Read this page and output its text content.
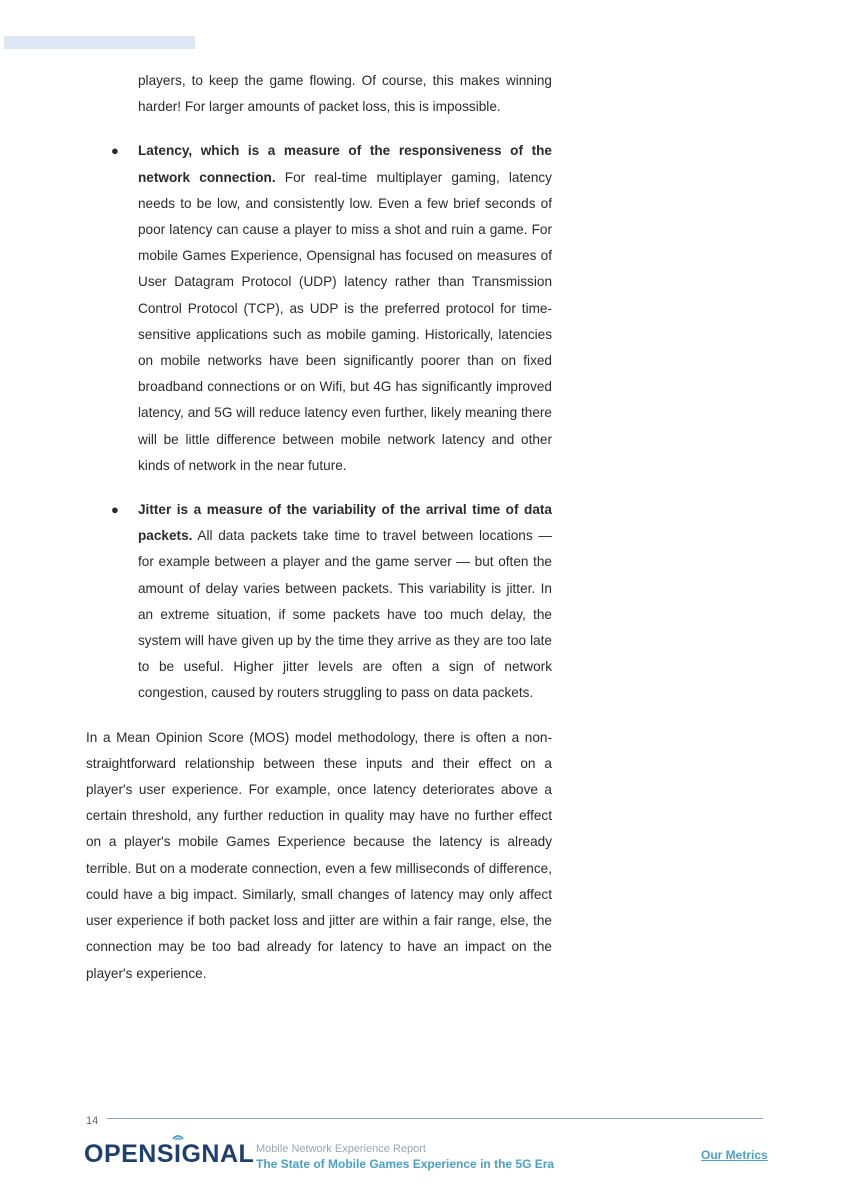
players, to keep the game flowing. Of course, this makes winning harder! For larger amounts of packet loss, this is impossible.

● Latency, which is a measure of the responsiveness of the network connection. For real-time multiplayer gaming, latency needs to be low, and consistently low. Even a few brief seconds of poor latency can cause a player to miss a shot and ruin a game. For mobile Games Experience, Opensignal has focused on measures of User Datagram Protocol (UDP) latency rather than Transmission Control Protocol (TCP), as UDP is the preferred protocol for time-sensitive applications such as mobile gaming. Historically, latencies on mobile networks have been significantly poorer than on fixed broadband connections or on Wifi, but 4G has significantly improved latency, and 5G will reduce latency even further, likely meaning there will be little difference between mobile network latency and other kinds of network in the near future.

● Jitter is a measure of the variability of the arrival time of data packets. All data packets take time to travel between locations — for example between a player and the game server — but often the amount of delay varies between packets. This variability is jitter. In an extreme situation, if some packets have too much delay, the system will have given up by the time they arrive as they are too late to be useful. Higher jitter levels are often a sign of network congestion, caused by routers struggling to pass on data packets.

In a Mean Opinion Score (MOS) model methodology, there is often a non-straightforward relationship between these inputs and their effect on a player's user experience. For example, once latency deteriorates above a certain threshold, any further reduction in quality may have no further effect on a player's mobile Games Experience because the latency is already terrible. But on a moderate connection, even a few milliseconds of difference, could have a big impact. Similarly, small changes of latency may only affect user experience if both packet loss and jitter are within a fair range, else, the connection may be too bad already for latency to have an impact on the player's experience.

14
OPENS I GNAL Mobile Network Experience Report
The State of Mobile Games Experience in the 5G Era
Our Metrics
